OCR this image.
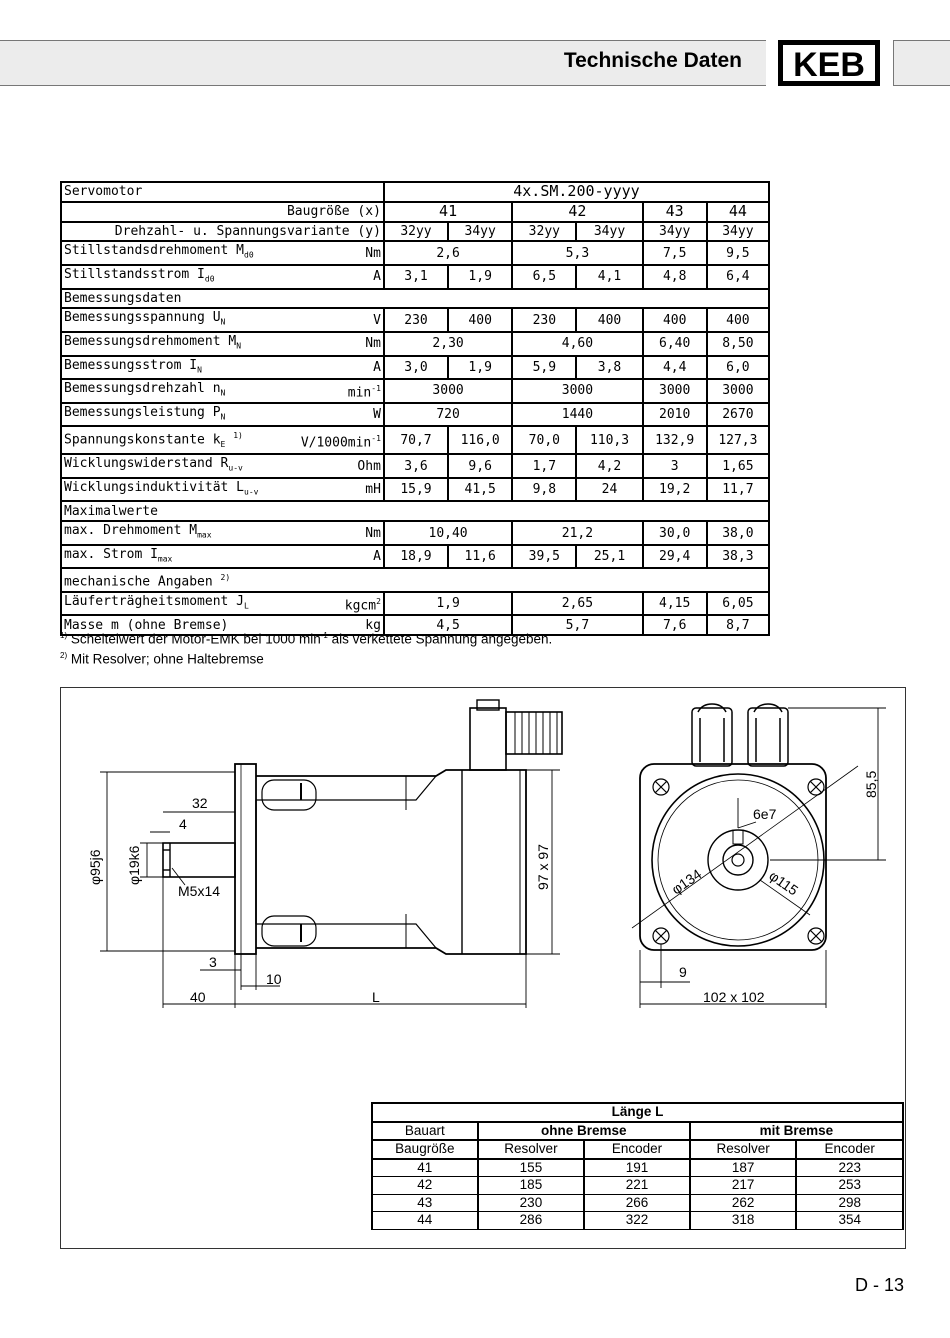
Technische Daten KEB
Servomotor		4x.SM.200-yyyy					
Baugröße (x)		41		42		43	44
Drehzahl- u. Spannungsvariante (y)		32yy	34yy	32yy	34yy	34yy	34yy
Stillstandsdrehmoment $M_{d0}$	Nm	2,6		5,3		7,5	9,5
Stillstandsstrom $I_{d0}$	A	3,1	1,9	6,5	4,1	4,8	6,4
Bemessungsdaten							
Bemessungsspannung $U_N$	V	230	400	230	400	400	400
Bemessungsdrehmoment $M_N$	Nm	2,30		4,60		6,40	8,50
Bemessungsstrom $I_N$	A	3,0	1,9	5,9	3,8	4,4	6,0
Bemessungsdrehzahl $n_N$	$\min^{-1}$	3000		3000		3000	3000
Bemessungsleistung $P_N$	W	720		1440		2010	2670
Spannungskonstante $k_E$ $^{1)}$	$V/1000\min^{-1}$	70,7	116,0	70,0	110,3	132,9	127,3
Wicklungswiderstand $R_{u-v}$	Ohm	3,6	9,6	1,7	4,2	3	1,65
Wicklungsinduktivität $L_{u-v}$	mH	15,9	41,5	9,8	24	19,2	11,7
Maximalwerte							
max. Drehmoment $M_{max}$	Nm	10,40		21,2		30,0	38,0
max. Strom $I_{max}$	A	18,9	11,6	39,5	25,1	29,4	38,3
mechanische Angaben $^{2)}$
Läuferträgheitsmoment $J_L$	kgcm$^2$	1,9		2,65		4,15	6,05
Masse m (ohne Bremse)	kg	4,5		5,7		7,6	8,7
$^{1)}$ Scheitelwert der Motor-EMK bei 1000 $\min^{-1}$ als verkettete Spannung angegeben.
$^{2)}$ Mit Resolver; ohne Haltebremse
φ95j6 φ19k6
32
4
M5x14
97 x 97
3
10
40	L
85,5
6e7
φ134	φ115
9
102 x 102
Länge L				
Bauart	ohne Bremse		mit Bremse	
Baugröße	Resolver	Encoder	Resolver	Encoder
41	155	191	187	223
42	185	221	217	253
43	230	266	262	298
44	286	322	318	354
D - 13
